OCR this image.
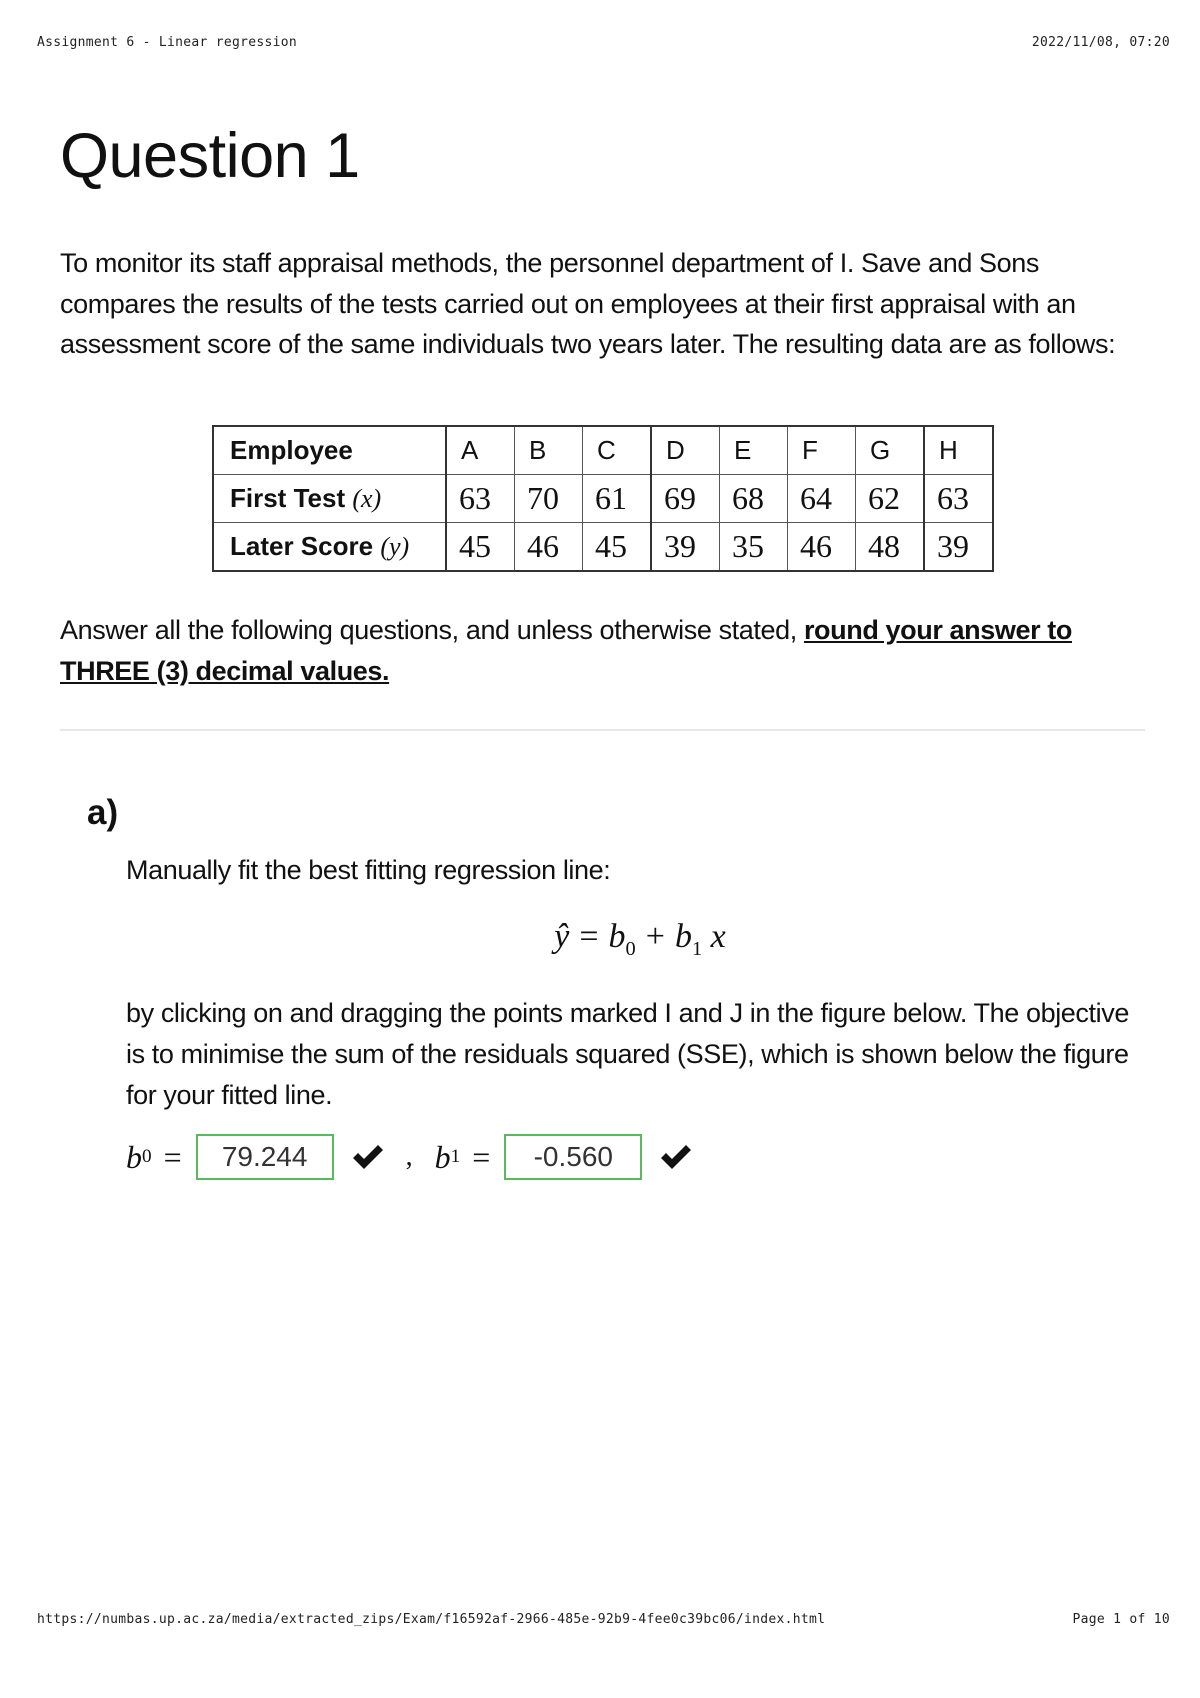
Assignment 6 - Linear regression	2022/11/08, 07:20
Question 1

To monitor its staff appraisal methods, the personnel department of I. Save and Sons compares the results of the tests carried out on employees at their first appraisal with an assessment score of the same individuals two years later. The resulting data are as follows:

Employee	A	B	C	D	E	F	G	H
First Test (x)	63	70	61	69	68	64	62	63
Later Score (y)	45	46	45	39	35	46	48	39

Answer all the following questions, and unless otherwise stated, round your answer to THREE (3) decimal values.

a)

Manually fit the best fitting regression line:

ŷ = $b_0 + b_1$ x

by clicking on and dragging the points marked I and J in the figure below. The objective is to minimise the sum of the residuals squared (SSE), which is shown below the figure for your fitted line.

b 0 =
79.244	, b 1 =
-0.560
https://numbas.up.ac.za/media/extracted_zips/Exam/f16592af-2966-485e-92b9-4fee0c39bc06/index.html	Page 1 of 10
